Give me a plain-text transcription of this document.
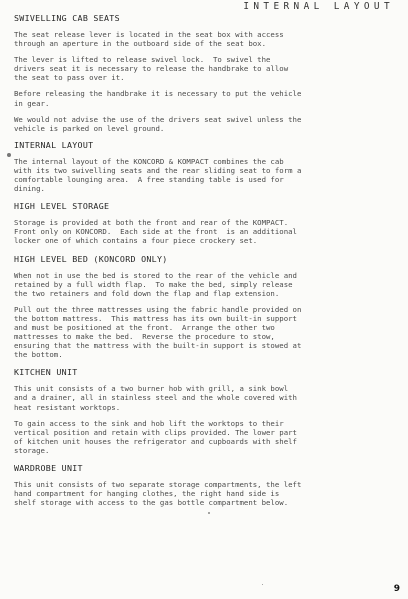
INTERNAL LAYOUT
SWIVELLING CAB SEATS

The seat release lever is located in the seat box with access
through an aperture in the outboard side of the seat box.

The lever is lifted to release swivel lock.  To swivel the
drivers seat it is necessary to release the handbrake to allow
the seat to pass over it.

Before releasing the handbrake it is necessary to put the vehicle
in gear.

We would not advise the use of the drivers seat swivel unless the
vehicle is parked on level ground.

INTERNAL LAYOUT

The internal layout of the KONCORD & KOMPACT combines the cab
with its two swivelling seats and the rear sliding seat to form a
comfortable lounging area.  A free standing table is used for
dining.

HIGH LEVEL STORAGE

Storage is provided at both the front and rear of the KOMPACT.
Front only on KONCORD.  Each side at the front  is an additional
locker one of which contains a four piece crockery set.

HIGH LEVEL BED (KONCORD ONLY)

When not in use the bed is stored to the rear of the vehicle and
retained by a full width flap.  To make the bed, simply release
the two retainers and fold down the flap and flap extension.

Pull out the three mattresses using the fabric handle provided on
the bottom mattress.  This mattress has its own built-in support
and must be positioned at the front.  Arrange the other two
mattresses to make the bed.  Reverse the procedure to stow,
ensuring that the mattress with the built-in support is stowed at
the bottom.

KITCHEN UNIT

This unit consists of a two burner hob with grill, a sink bowl
and a drainer, all in stainless steel and the whole covered with
heat resistant worktops.

To gain access to the sink and hob lift the worktops to their
vertical position and retain with clips provided. The lower part
of kitchen unit houses the refrigerator and cupboards with shelf
storage.

WARDROBE UNIT

This unit consists of two separate storage compartments, the left
hand compartment for hanging clothes, the right hand side is
shelf storage with access to the gas bottle compartment below.

9
